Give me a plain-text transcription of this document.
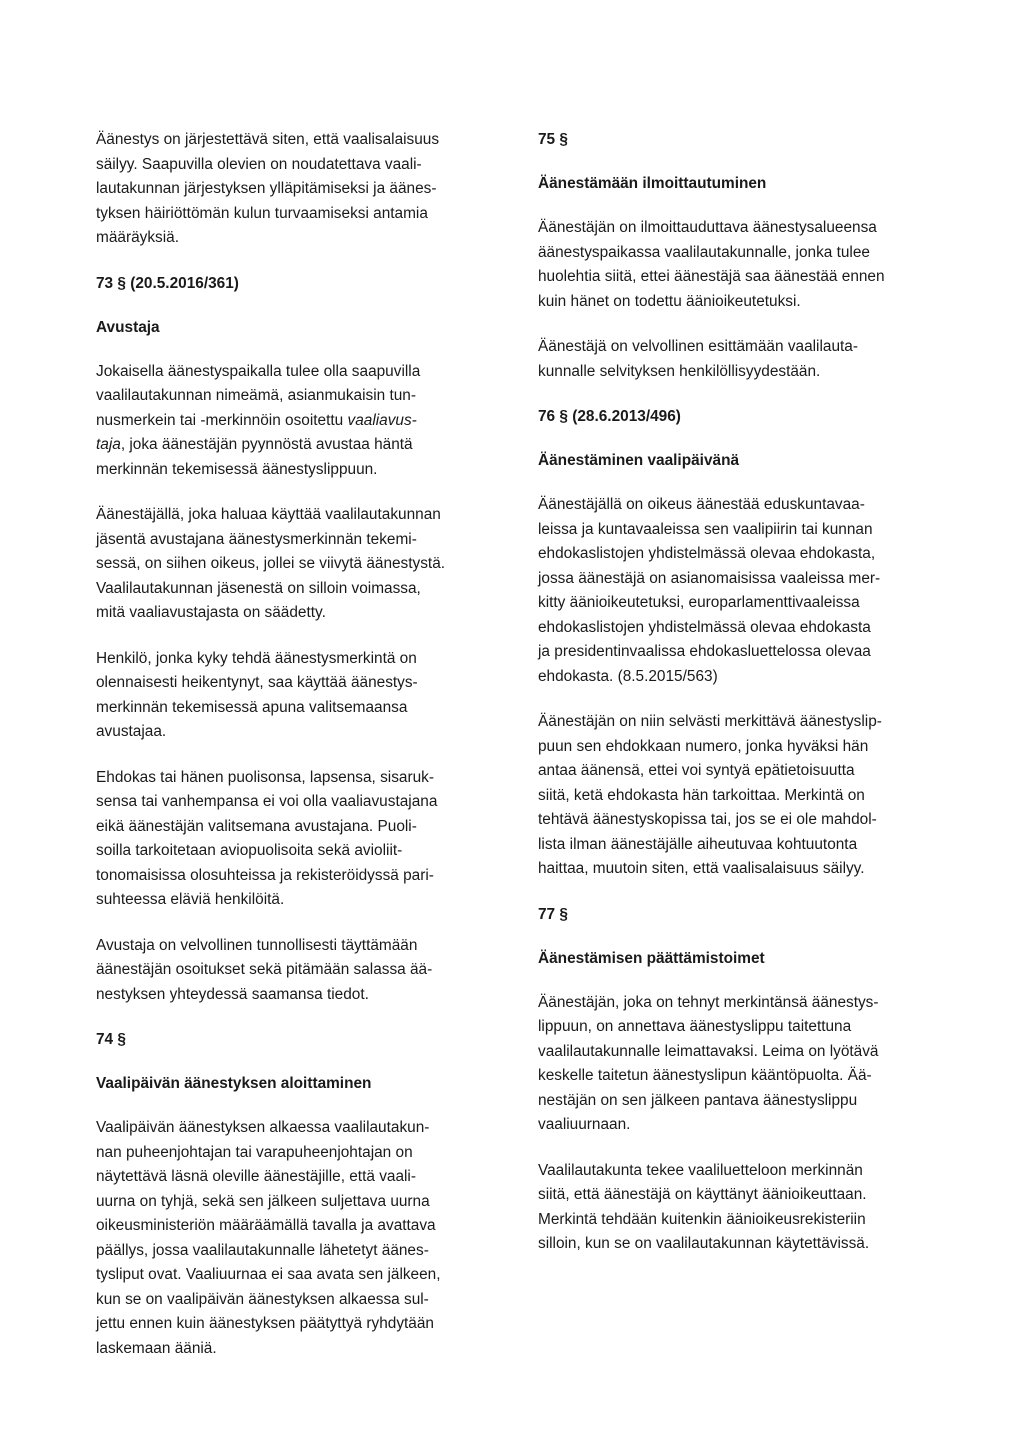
Äänestys on järjestettävä siten, että vaalisalaisuus

säilyy. Saapuvilla olevien on noudatettava vaali-

lautakunnan järjestyksen ylläpitämiseksi ja äänes-

tyksen häiriöttömän kulun turvaamiseksi antamia

määräyksiä.

73 § (20.5.2016/361)

Avustaja

Jokaisella äänestyspaikalla tulee olla saapuvilla

vaalilautakunnan nimeämä, asianmukaisin tun-

nusmerkein tai -merkinnöin osoitettu vaaliavus-

taja, joka äänestäjän pyynnöstä avustaa häntä

merkinnän tekemisessä äänestyslippuun.

Äänestäjällä, joka haluaa käyttää vaalilautakunnan

jäsentä avustajana äänestysmerkinnän tekemi-

sessä, on siihen oikeus, jollei se viivytä äänestystä.

Vaalilautakunnan jäsenestä on silloin voimassa,

mitä vaaliavustajasta on säädetty.

Henkilö, jonka kyky tehdä äänestysmerkintä on

olennaisesti heikentynyt, saa käyttää äänestys-

merkinnän tekemisessä apuna valitsemaansa

avustajaa.

Ehdokas tai hänen puolisonsa, lapsensa, sisaruk-

sensa tai vanhempansa ei voi olla vaaliavustajana

eikä äänestäjän valitsemana avustajana. Puoli-

soilla tarkoitetaan aviopuolisoita sekä avioliit-

tonomaisissa olosuhteissa ja rekisteröidyssä pari-

suhteessa eläviä henkilöitä.

Avustaja on velvollinen tunnollisesti täyttämään

äänestäjän osoitukset sekä pitämään salassa ää-

nestyksen yhteydessä saamansa tiedot.

74 §

Vaalipäivän äänestyksen aloittaminen

Vaalipäivän äänestyksen alkaessa vaalilautakun-

nan puheenjohtajan tai varapuheenjohtajan on

näytettävä läsnä oleville äänestäjille, että vaali-

uurna on tyhjä, sekä sen jälkeen suljettava uurna

oikeusministeriön määräämällä tavalla ja avattava

päällys, jossa vaalilautakunnalle lähetetyt äänes-

tysliput ovat. Vaaliuurnaa ei saa avata sen jälkeen,

kun se on vaalipäivän äänestyksen alkaessa sul-

jettu ennen kuin äänestyksen päätyttyä ryhdytään

laskemaan ääniä.

75 §

Äänestämään ilmoittautuminen

Äänestäjän on ilmoittauduttava äänestysalueensa

äänestyspaikassa vaalilautakunnalle, jonka tulee

huolehtia siitä, ettei äänestäjä saa äänestää ennen

kuin hänet on todettu äänioikeutetuksi.

Äänestäjä on velvollinen esittämään vaalilauta-

kunnalle selvityksen henkilöllisyydestään.

76 § (28.6.2013/496)

Äänestäminen vaalipäivänä

Äänestäjällä on oikeus äänestää eduskuntavaa-

leissa ja kuntavaaleissa sen vaalipiirin tai kunnan

ehdokaslistojen yhdistelmässä olevaa ehdokasta,

jossa äänestäjä on asianomaisissa vaaleissa mer-

kitty äänioikeutetuksi, europarlamenttivaaleissa

ehdokaslistojen yhdistelmässä olevaa ehdokasta

ja presidentinvaalissa ehdokasluettelossa olevaa

ehdokasta. (8.5.2015/563)

Äänestäjän on niin selvästi merkittävä äänestyslip-

puun sen ehdokkaan numero, jonka hyväksi hän

antaa äänensä, ettei voi syntyä epätietoisuutta

siitä, ketä ehdokasta hän tarkoittaa. Merkintä on

tehtävä äänestyskopissa tai, jos se ei ole mahdol-

lista ilman äänestäjälle aiheutuvaa kohtuutonta

haittaa, muutoin siten, että vaalisalaisuus säilyy.

77 §

Äänestämisen päättämistoimet

Äänestäjän, joka on tehnyt merkintänsä äänestys-

lippuun, on annettava äänestyslippu taitettuna

vaalilautakunnalle leimattavaksi. Leima on lyötävä

keskelle taitetun äänestyslipun kääntöpuolta. Ää-

nestäjän on sen jälkeen pantava äänestyslippu

vaaliuurnaan.

Vaalilautakunta tekee vaaliluetteloon merkinnän

siitä, että äänestäjä on käyttänyt äänioikeuttaan.

Merkintä tehdään kuitenkin äänioikeusrekisteriin

silloin, kun se on vaalilautakunnan käytettävissä.
